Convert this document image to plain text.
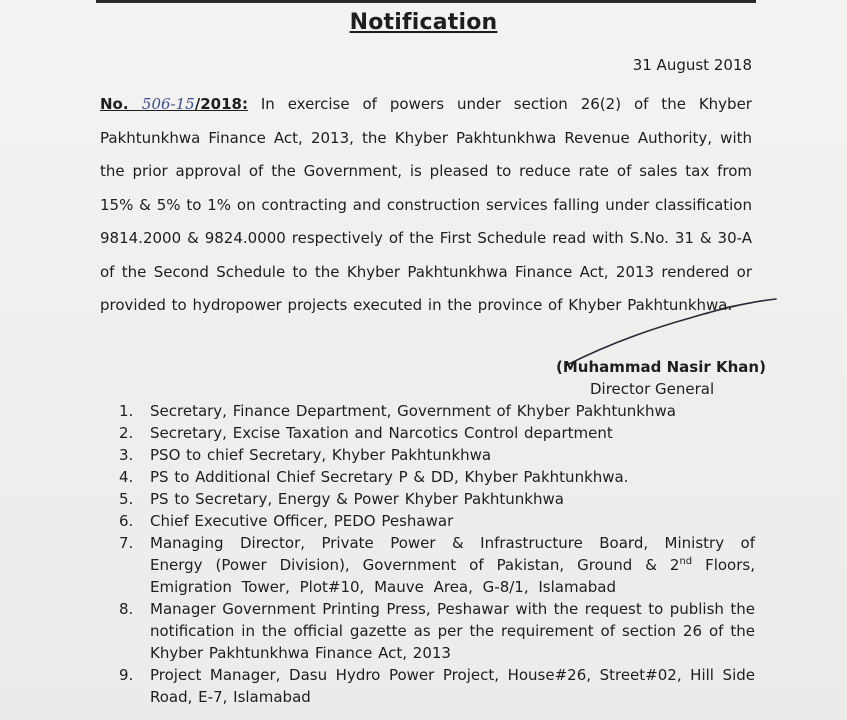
Notification
31 August 2018
No. 506-15/2018: In exercise of powers under section 26(2) of the Khyber Pakhtunkhwa Finance Act, 2013, the Khyber Pakhtunkhwa Revenue Authority, with the prior approval of the Government, is pleased to reduce rate of sales tax from 15% & 5% to 1% on contracting and construction services falling under classification 9814.2000 & 9824.0000 respectively of the First Schedule read with S.No. 31 & 30-A of the Second Schedule to the Khyber Pakhtunkhwa Finance Act, 2013 rendered or provided to hydropower projects executed in the province of Khyber Pakhtunkhwa.
(Muhammad Nasir Khan)
Director General
1. Secretary, Finance Department, Government of Khyber Pakhtunkhwa
2. Secretary, Excise Taxation and Narcotics Control department
3. PSO to chief Secretary, Khyber Pakhtunkhwa
4. PS to Additional Chief Secretary P & DD, Khyber Pakhtunkhwa.
5. PS to Secretary, Energy & Power Khyber Pakhtunkhwa
6. Chief Executive Officer, PEDO Peshawar
7. Managing Director, Private Power & Infrastructure Board, Ministry of Energy (Power Division), Government of Pakistan, Ground & 2nd Floors, Emigration Tower, Plot#10, Mauve Area, G-8/1, Islamabad
8. Manager Government Printing Press, Peshawar with the request to publish the notification in the official gazette as per the requirement of section 26 of the Khyber Pakhtunkhwa Finance Act, 2013
9. Project Manager, Dasu Hydro Power Project, House#26, Street#02, Hill Side Road, E-7, Islamabad
